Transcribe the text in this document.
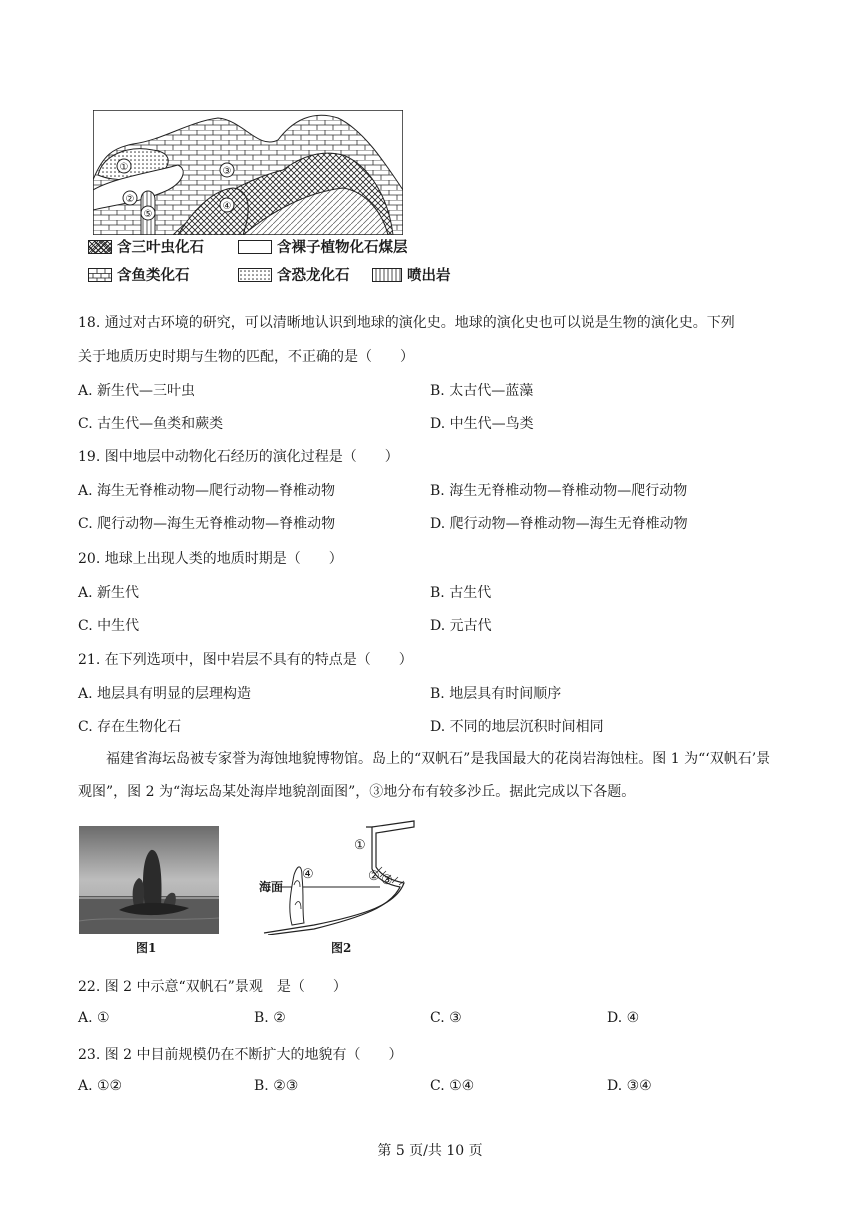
①
②
③
④
⑤
含三叶虫化石	含裸子植物化石煤层
含鱼类化石	含恐龙化石	喷出岩
18. 通过对古环境的研究，可以清晰地认识到地球的演化史。地球的演化史也可以说是生物的演化史。下列
关于地质历史时期与生物的匹配，不正确的是（　　）
A. 新生代—三叶虫	B. 太古代—蓝藻
C. 古生代—鱼类和蕨类	D. 中生代—鸟类
19. 图中地层中动物化石经历的演化过程是（　　）
A. 海生无脊椎动物—爬行动物—脊椎动物	B. 海生无脊椎动物—脊椎动物—爬行动物
C. 爬行动物—海生无脊椎动物—脊椎动物	D. 爬行动物—脊椎动物—海生无脊椎动物
20. 地球上出现人类的地质时期是（　　）
A. 新生代	B. 古生代
C. 中生代	D. 元古代
21. 在下列选项中，图中岩层不具有的特点是（　　）
A. 地层具有明显的层理构造	B. 地层具有时间顺序
C. 存在生物化石	D. 不同的地层沉积时间相同
福建省海坛岛被专家誉为海蚀地貌博物馆。岛上的“双帆石”是我国最大的花岗岩海蚀柱。图 1 为“‘双帆石’景观图”，图 2 为“海坛岛某处海岸地貌剖面图”，③地分布有较多沙丘。据此完成以下各题。
图1
海面
①
② ③
④
图2
22. 图 2 中示意“双帆石”景观　是（　　）
A. ①	B. ②	C. ③	D. ④
23. 图 2 中目前规模仍在不断扩大的地貌有（　　）
A. ①②	B. ②③	C. ①④	D. ③④
第 5 页/共 10 页
